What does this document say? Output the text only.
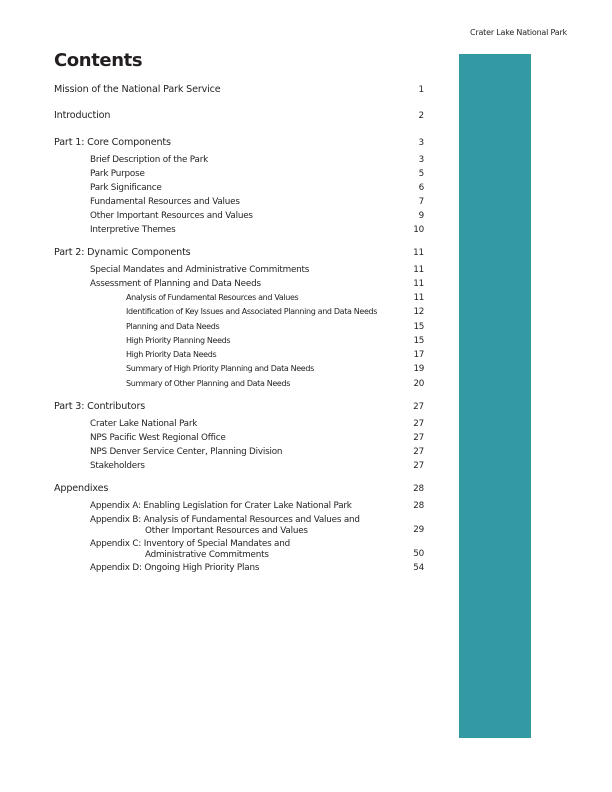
Crater Lake National Park
Contents
Mission of the National Park Service	1
Introduction	2
Part 1: Core Components	3
Brief Description of the Park	3
Park Purpose	5
Park Significance	6
Fundamental Resources and Values	7
Other Important Resources and Values	9
Interpretive Themes	10
Part 2: Dynamic Components	11
Special Mandates and Administrative Commitments	11
Assessment of Planning and Data Needs	11
Analysis of Fundamental Resources and Values	11
Identification of Key Issues and Associated Planning and Data Needs	12
Planning and Data Needs	15
High Priority Planning Needs	15
High Priority Data Needs	17
Summary of High Priority Planning and Data Needs	19
Summary of Other Planning and Data Needs	20
Part 3: Contributors	27
Crater Lake National Park	27
NPS Pacific West Regional Office	27
NPS Denver Service Center, Planning Division	27
Stakeholders	27
Appendixes	28
Appendix A: Enabling Legislation for Crater Lake National Park	28
Appendix B: Analysis of Fundamental Resources and Values and
Other Important Resources and Values	29
Appendix C: Inventory of Special Mandates and
Administrative Commitments	50
Appendix D: Ongoing High Priority Plans	54
